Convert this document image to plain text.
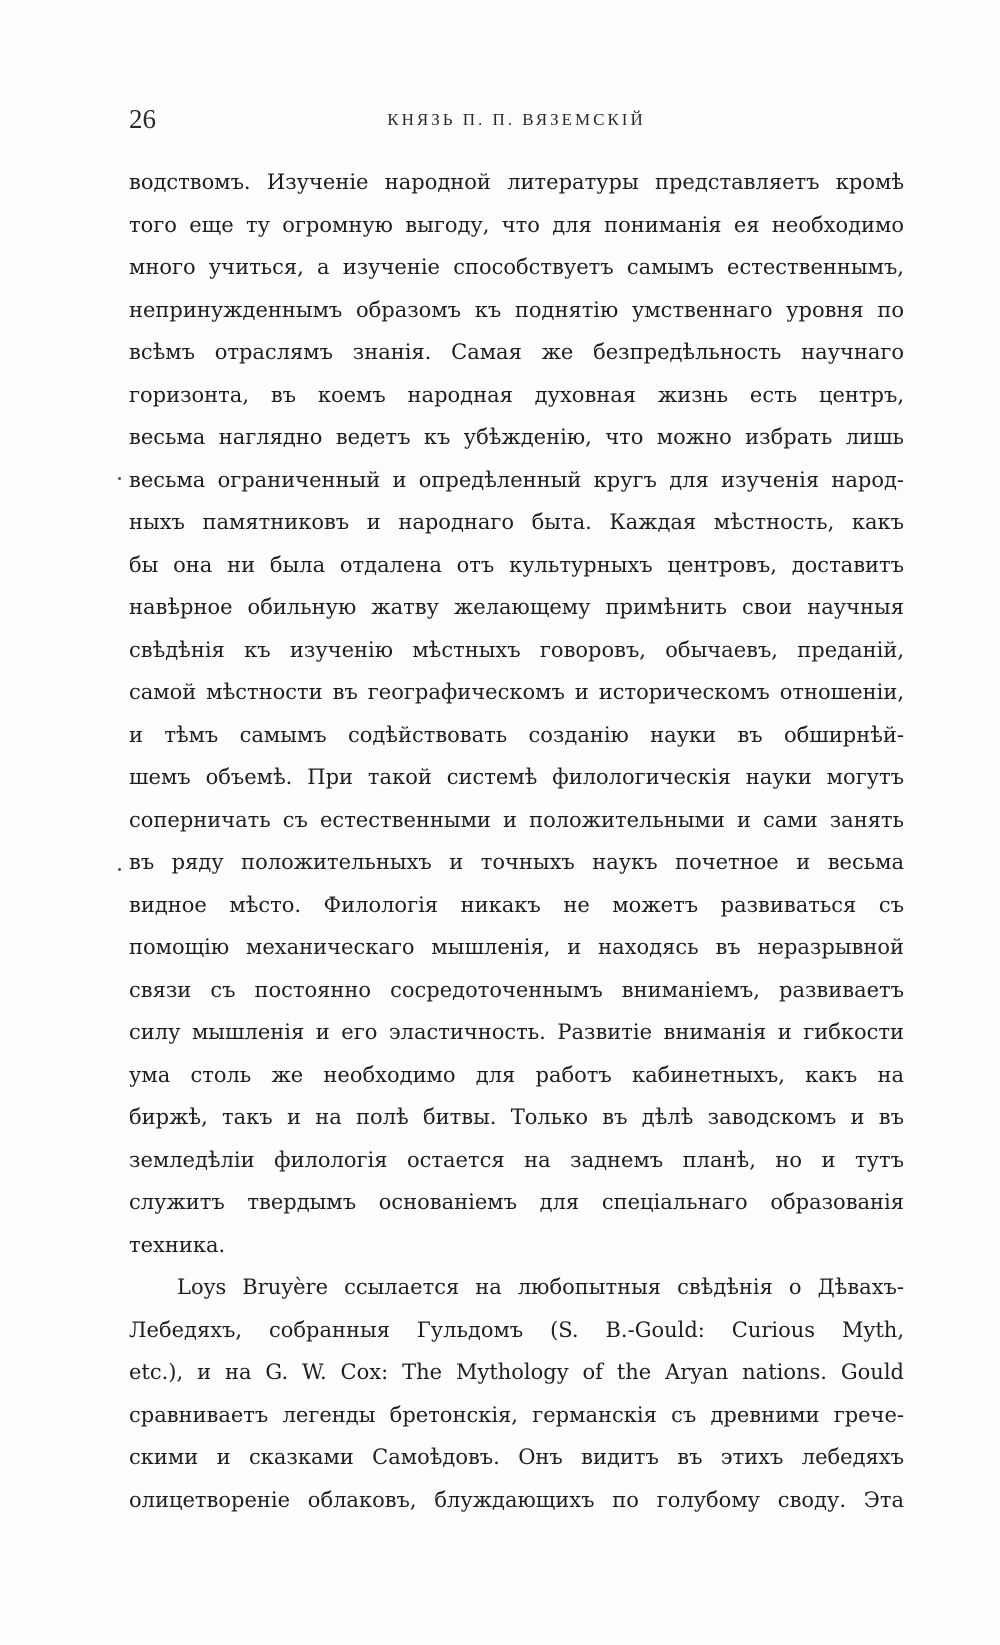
26	КНЯЗЬ П. П. ВЯЗЕМСКІЙ
водствомъ. Изученіе народной литературы представляетъ кромѣ
того еще ту огромную выгоду, что для пониманія ея необходимо
много учиться, а изученіе способствуетъ самымъ естественнымъ,
непринужденнымъ образомъ къ поднятію умственнаго уровня по
всѣмъ отраслямъ знанія. Самая же безпредѣльность научнаго
горизонта, въ коемъ народная духовная жизнь есть центръ,
весьма наглядно ведетъ къ убѣжденію, что можно избрать лишь
весьма ограниченный и опредѣленный кругъ для изученія народ-
ныхъ памятниковъ и народнаго быта. Каждая мѣстность, какъ
бы она ни была отдалена отъ культурныхъ центровъ, доставитъ
навѣрное обильную жатву желающему примѣнить свои научныя
свѣдѣнія къ изученію мѣстныхъ говоровъ, обычаевъ, преданій,
самой мѣстности въ географическомъ и историческомъ отношеніи,
и тѣмъ самымъ содѣйствовать созданію науки въ обширнѣй-
шемъ объемѣ. При такой системѣ филологическія науки могутъ
соперничать съ естественными и положительными и сами занять
въ ряду положительныхъ и точныхъ наукъ почетное и весьма
видное мѣсто. Филологія никакъ не можетъ развиваться съ
помощію механическаго мышленія, и находясь въ неразрывной
связи съ постоянно сосредоточеннымъ вниманіемъ, развиваетъ
силу мышленія и его эластичность. Развитіе вниманія и гибкости
ума столь же необходимо для работъ кабинетныхъ, какъ на
биржѣ, такъ и на полѣ битвы. Только въ дѣлѣ заводскомъ и въ
земледѣліи филологія остается на заднемъ планѣ, но и тутъ
служитъ твердымъ основаніемъ для спеціальнаго образованія
техника.
Loys Bruyère ссылается на любопытныя свѣдѣнія о Дѣвахъ-
Лебедяхъ, собранныя Гульдомъ (S. B.-Gould: Curious Myth,
etc.), и на G. W. Cox: The Mythology of the Aryan nations. Gould
сравниваетъ легенды бретонскія, германскія съ древними грече-
скими и сказками Самоѣдовъ. Онъ видитъ въ этихъ лебедяхъ
олицетвореніе облаковъ, блуждающихъ по голубому своду. Эта
